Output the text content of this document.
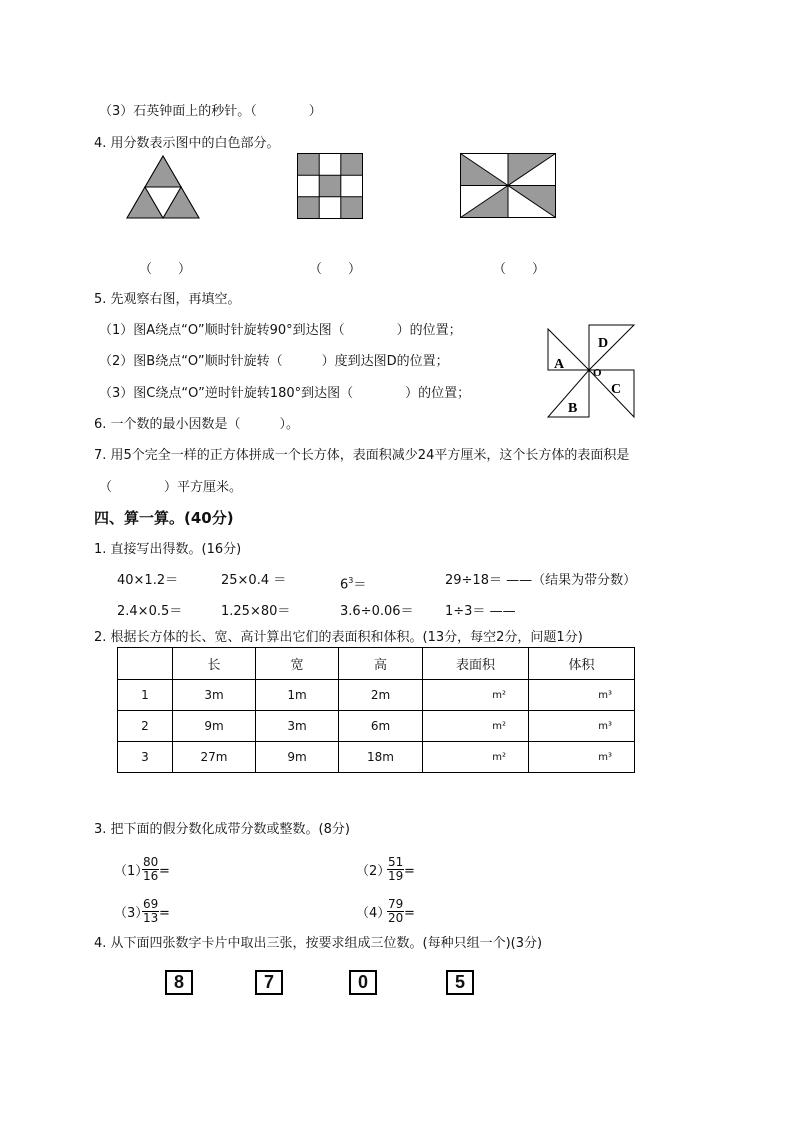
（3）石英钟面上的秒针。（　　　　）
4. 用分数表示图中的白色部分。
（　　）	（　　）	（　　）
5. 先观察右图，再填空。
（1）图A绕点“O”顺时针旋转90°到达图（　　　　）的位置；
（2）图B绕点“O”顺时针旋转（　　　）度到达图D的位置；
（3）图C绕点“O”逆时针旋转180°到达图（　　　　）的位置；
D
A
O
C
B
6. 一个数的最小因数是（　　　）。
7. 用5个完全一样的正方体拼成一个长方体，表面积减少24平方厘米，这个长方体的表面积是
（　　　　）平方厘米。
四、算一算。(40分)
1. 直接写出得数。(16分)
40×1.2＝	25×0.4 ＝	$6^3=$	29÷18＝ ——（结果为带分数）
2.4×0.5＝	1.25×80＝	3.6÷0.06＝ 1÷3＝ ——
2. 根据长方体的长、宽、高计算出它们的表面积和体积。(13分，每空2分，问题1分)
	长	宽	高	表面积	体积
1	3m	1m	2m	m²	m³
2	9m	3m	6m	m²	m³
3	27m	9m	18m	m²	m³
3. 把下面的假分数化成带分数或整数。(8分)
（1）
$\frac{80}{16}$ =	（2）
$\frac{51}{19}$ =
（3）
$\frac{69}{13}$ =	（4）
$\frac{79}{20}$ =
4. 从下面四张数字卡片中取出三张，按要求组成三位数。(每种只组一个)(3分)
8	7	0	5
